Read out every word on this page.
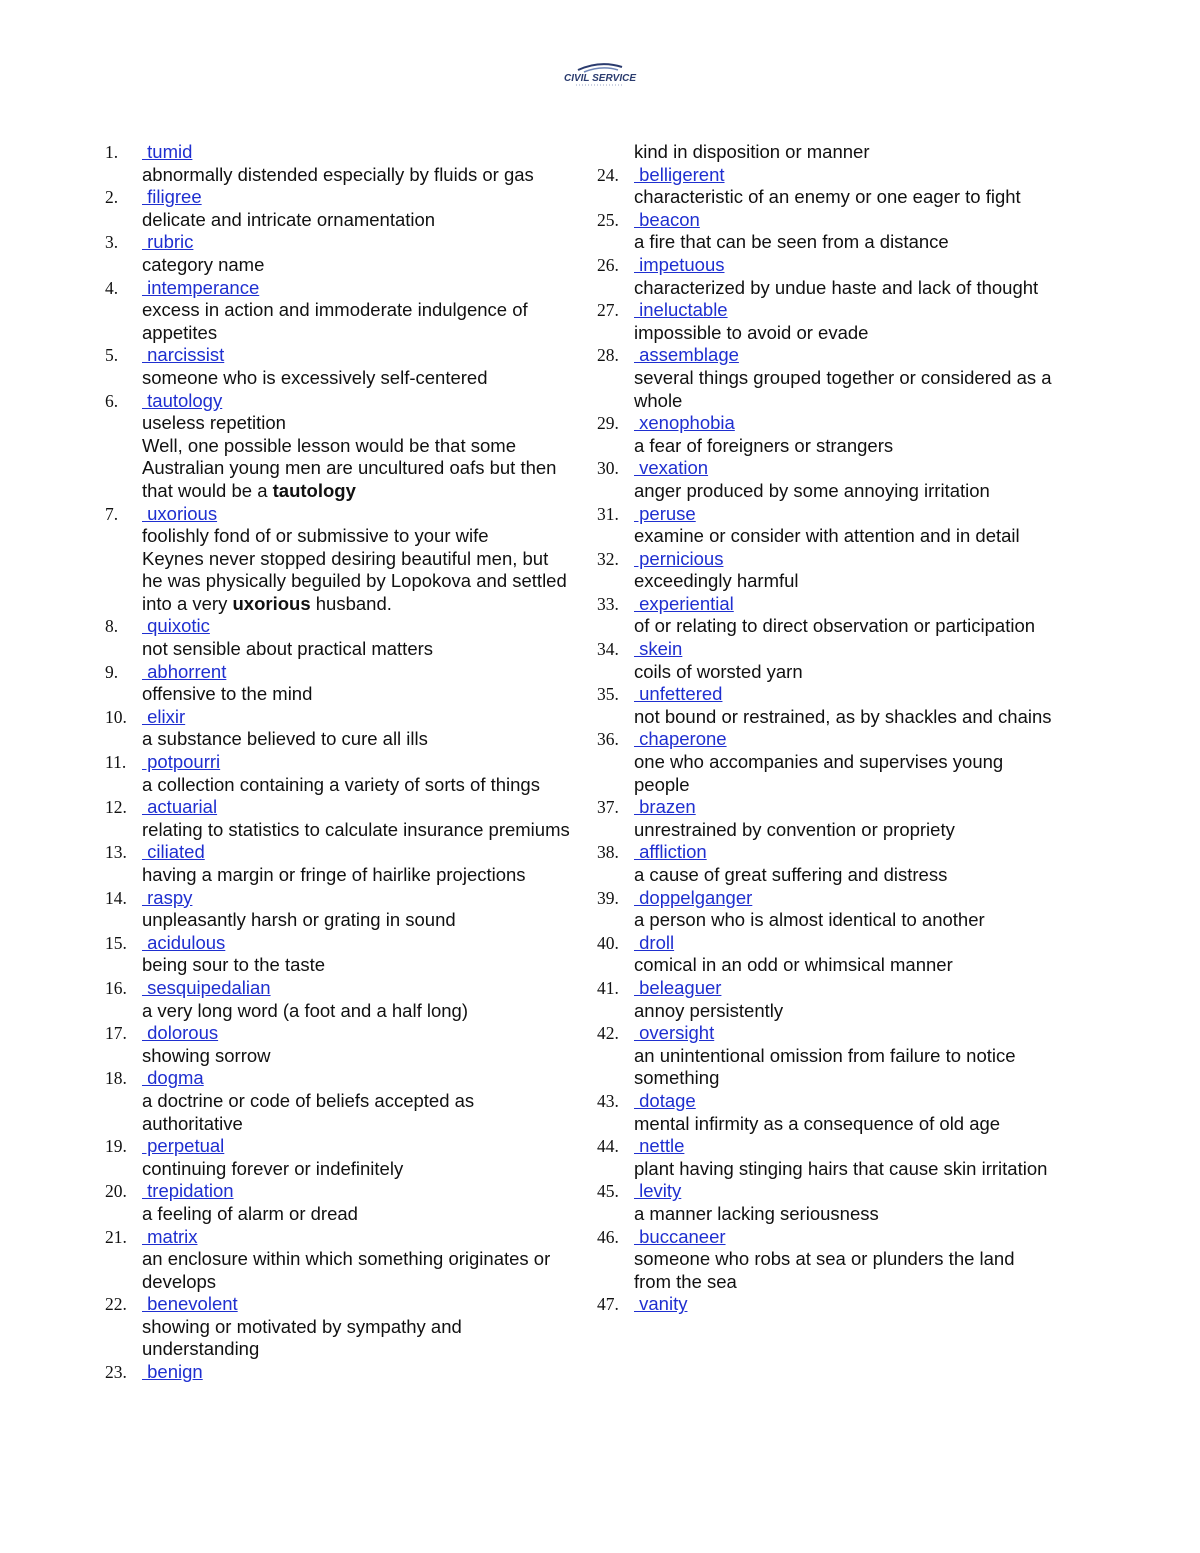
CIVIL SERVICE
1. tumid
abnormally distended especially by fluids or gas
2. filigree
delicate and intricate ornamentation
3. rubric
category name
4. intemperance
excess in action and immoderate indulgence of appetites
5. narcissist
someone who is excessively self-centered
6. tautology
useless repetition
Well, one possible lesson would be that some Australian young men are uncultured oafs but then that would be a tautology
7. uxorious
foolishly fond of or submissive to your wife
Keynes never stopped desiring beautiful men, but he was physically beguiled by Lopokova and settled into a very uxorious husband.
8. quixotic
not sensible about practical matters
9. abhorrent
offensive to the mind
10. elixir
a substance believed to cure all ills
11. potpourri
a collection containing a variety of sorts of things
12. actuarial
relating to statistics to calculate insurance premiums
13. ciliated
having a margin or fringe of hairlike projections
14. raspy
unpleasantly harsh or grating in sound
15. acidulous
being sour to the taste
16. sesquipedalian
a very long word (a foot and a half long)
17. dolorous
showing sorrow
18. dogma
a doctrine or code of beliefs accepted as authoritative
19. perpetual
continuing forever or indefinitely
20. trepidation
a feeling of alarm or dread
21. matrix
an enclosure within which something originates or develops
22. benevolent
showing or motivated by sympathy and understanding
23. benign
kind in disposition or manner
24. belligerent
characteristic of an enemy or one eager to fight
25. beacon
a fire that can be seen from a distance
26. impetuous
characterized by undue haste and lack of thought
27. ineluctable
impossible to avoid or evade
28. assemblage
several things grouped together or considered as a whole
29. xenophobia
a fear of foreigners or strangers
30. vexation
anger produced by some annoying irritation
31. peruse
examine or consider with attention and in detail
32. pernicious
exceedingly harmful
33. experiential
of or relating to direct observation or participation
34. skein
coils of worsted yarn
35. unfettered
not bound or restrained, as by shackles and chains
36. chaperone
one who accompanies and supervises young people
37. brazen
unrestrained by convention or propriety
38. affliction
a cause of great suffering and distress
39. doppelganger
a person who is almost identical to another
40. droll
comical in an odd or whimsical manner
41. beleaguer
annoy persistently
42. oversight
an unintentional omission from failure to notice something
43. dotage
mental infirmity as a consequence of old age
44. nettle
plant having stinging hairs that cause skin irritation
45. levity
a manner lacking seriousness
46. buccaneer
someone who robs at sea or plunders the land from the sea
47. vanity
